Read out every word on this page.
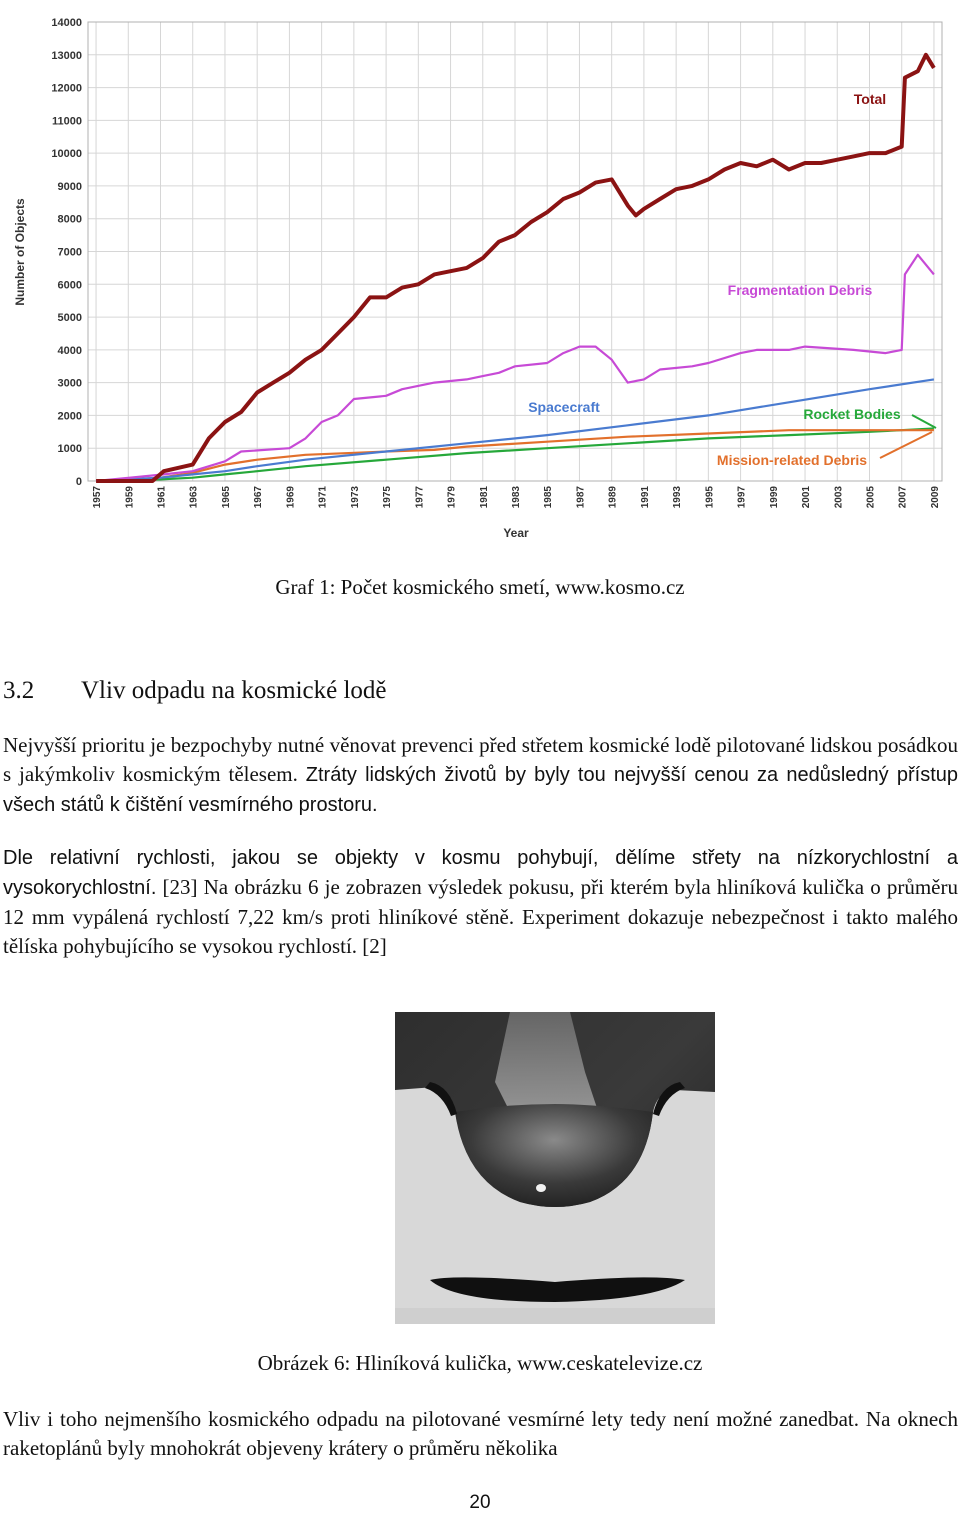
0
1000
2000
3000
4000
5000
6000
7000
8000
9000
10000
11000
12000
13000
14000
1957 1959 1961 1963 1965 1967 1969 1971 1973 1975 1977 1979 1981 1983 1985 1987 1989 1991 1993 1995 1997 1999 2001 2003 2005 2007 2009
Total
Fragmentation Debris
Spacecraft	Rocket Bodies
Mission-related Debris
Number of Objects
Year

Graf 1: Počet kosmického smetí, www.kosmo.cz

3.2 Vliv odpadu na kosmické lodě

Nejvyšší prioritu je bezpochyby nutné věnovat prevenci před střetem kosmické lodě pilotované lidskou posádkou s jakýmkoliv kosmickým tělesem. Ztráty lidských životů by byly tou nejvyšší cenou za nedůsledný přístup všech států k čištění vesmírného prostoru.

Dle relativní rychlosti, jakou se objekty v kosmu pohybují, dělíme střety na nízkorychlostní a vysokorychlostní. [23] Na obrázku 6 je zobrazen výsledek pokusu, při kterém byla hliníková kulička o průměru 12 mm vypálená rychlostí 7,22 km/s proti hliníkové stěně. Experiment dokazuje nebezpečnost i takto malého tělíska pohybujícího se vysokou rychlostí. [2]

Obrázek 6: Hliníková kulička, www.ceskatelevize.cz

Vliv i toho nejmenšího kosmického odpadu na pilotované vesmírné lety tedy není možné zanedbat. Na oknech raketoplánů byly mnohokrát objeveny krátery o průměru několika

20
